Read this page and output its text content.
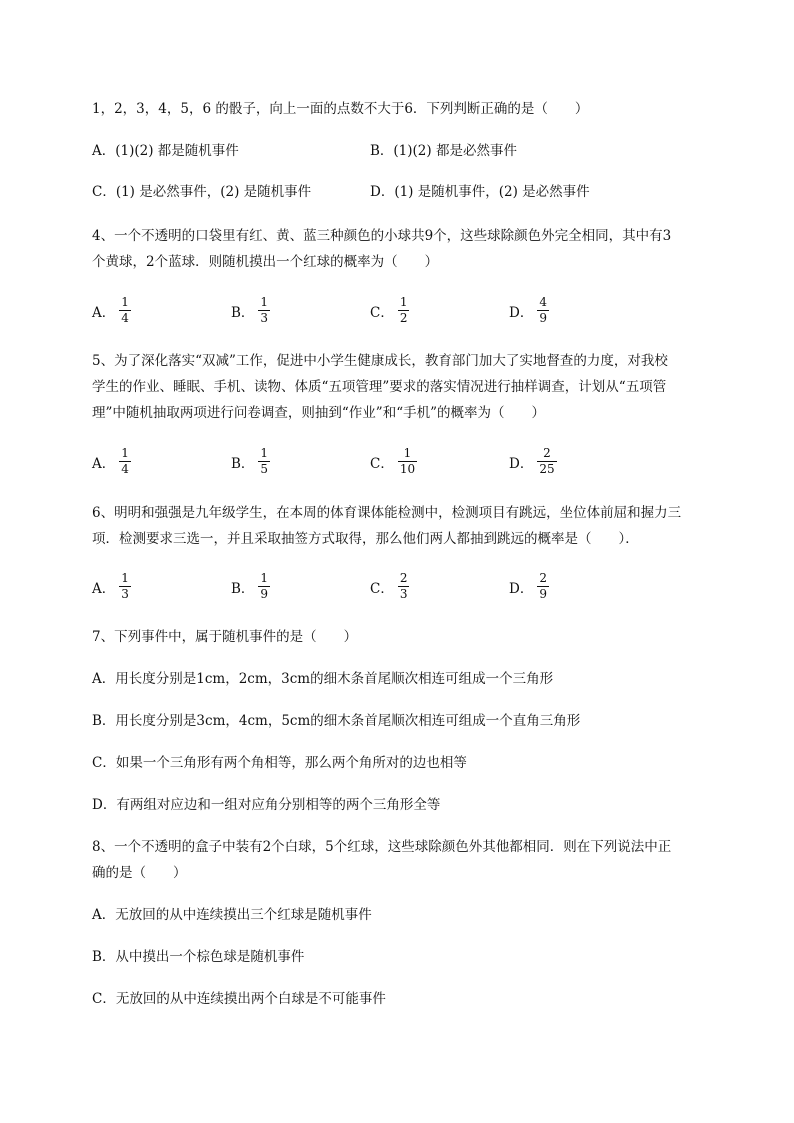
1，2，3，4，5，6 的骰子，向上一面的点数不大于6．下列判断正确的是（　　）
A．(1)(2) 都是随机事件	B．(1)(2) 都是必然事件
C．(1) 是必然事件，(2) 是随机事件	D．(1) 是随机事件，(2) 是必然事件
4、一个不透明的口袋里有红、黄、蓝三种颜色的小球共9个，这些球除颜色外完全相同，其中有3
个黄球，2个蓝球．则随机摸出一个红球的概率为（　　）
A． $\frac{1}{4}$	B． $\frac{1}{3}$	C． $\frac{1}{2}$	D． $\frac{4}{9}$
5、为了深化落实“双减”工作，促进中小学生健康成长，教育部门加大了实地督查的力度，对我校
学生的作业、睡眠、手机、读物、体质“五项管理”要求的落实情况进行抽样调查，计划从“五项管
理”中随机抽取两项进行问卷调查，则抽到“作业”和“手机”的概率为（　　）
A． $\frac{1}{4}$	B． $\frac{1}{5}$	C． $\frac{1}{10}$	D． $\frac{2}{25}$
6、明明和强强是九年级学生，在本周的体育课体能检测中，检测项目有跳远，坐位体前屈和握力三
项．检测要求三选一，并且采取抽签方式取得，那么他们两人都抽到跳远的概率是（　　）．
A． $\frac{1}{3}$	B． $\frac{1}{9}$	C． $\frac{2}{3}$	D． $\frac{2}{9}$
7、下列事件中，属于随机事件的是（　　）
A．用长度分别是1cm，2cm，3cm的细木条首尾顺次相连可组成一个三角形
B．用长度分别是3cm，4cm，5cm的细木条首尾顺次相连可组成一个直角三角形
C．如果一个三角形有两个角相等，那么两个角所对的边也相等
D．有两组对应边和一组对应角分别相等的两个三角形全等
8、一个不透明的盒子中装有2个白球，5个红球，这些球除颜色外其他都相同．则在下列说法中正
确的是（　　）
A．无放回的从中连续摸出三个红球是随机事件
B．从中摸出一个棕色球是随机事件
C．无放回的从中连续摸出两个白球是不可能事件
